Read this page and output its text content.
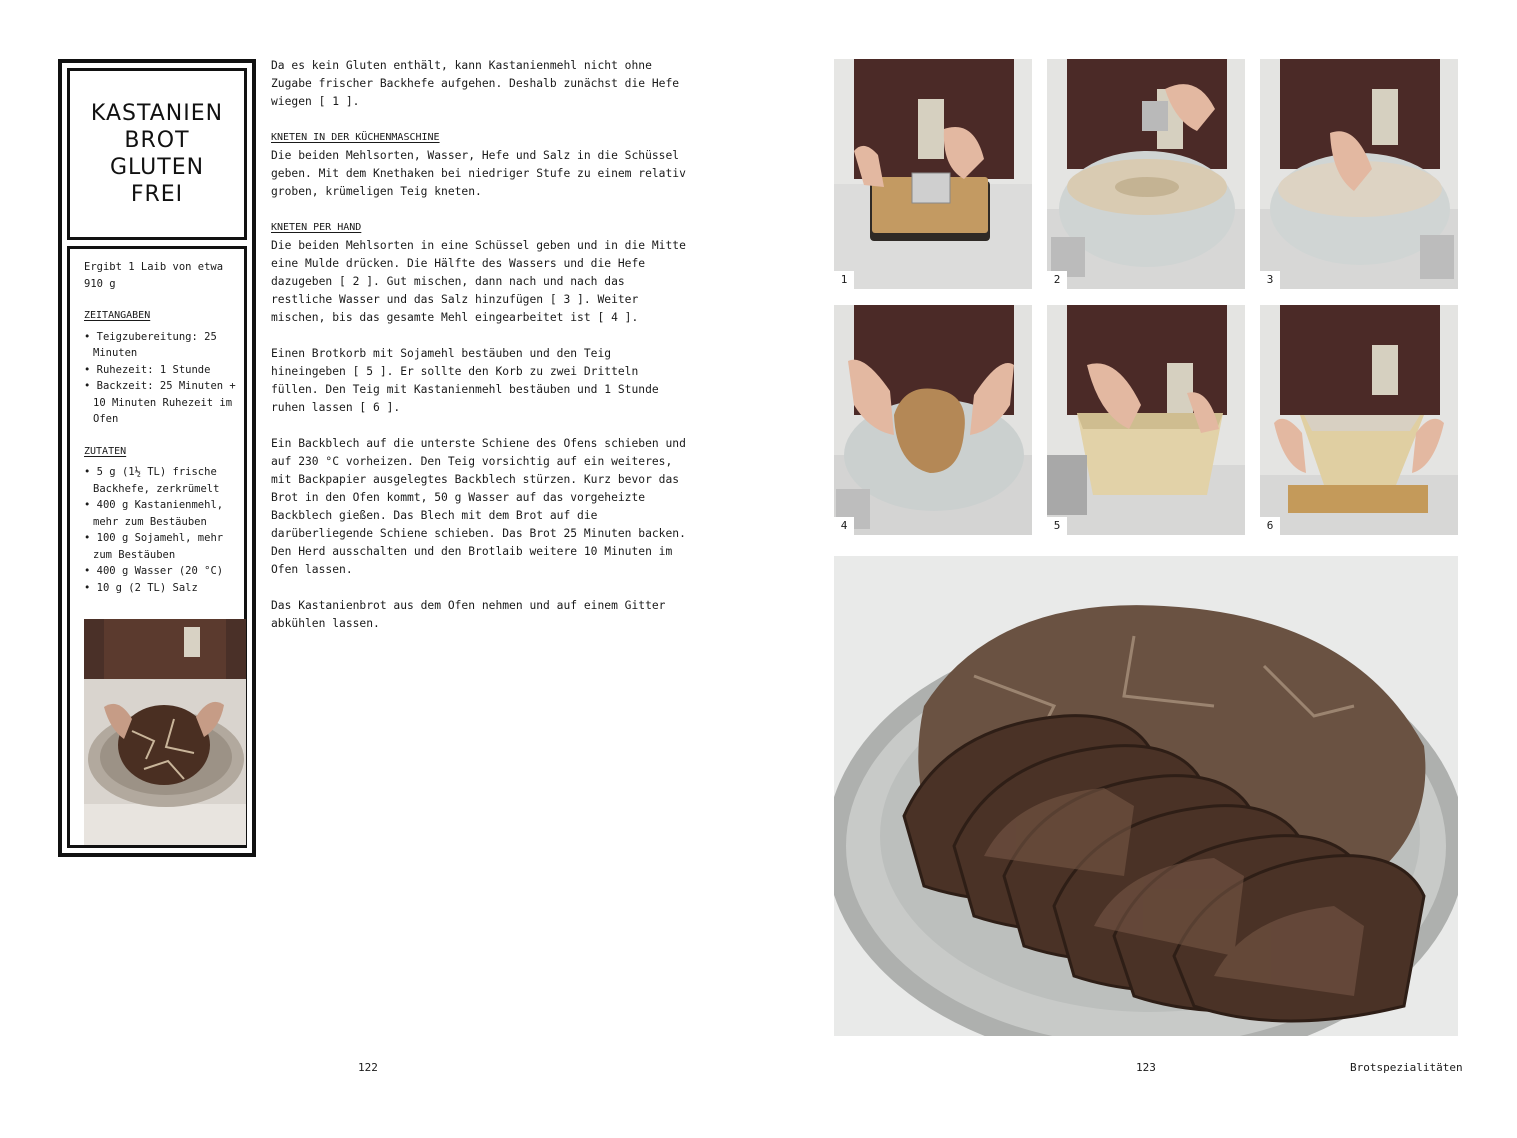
KASTANIEN
BROT
GLUTEN
FREI

Ergibt 1 Laib von etwa 910 g

ZEITANGABEN

• Teigzubereitung: 25 Minuten
• Ruhezeit: 1 Stunde
• Backzeit: 25 Minuten + 10 Minuten Ruhezeit im Ofen

ZUTATEN

• 5 g (1½ TL) frische Backhefe, zerkrümelt
• 400 g Kastanienmehl, mehr zum Bestäuben
• 100 g Sojamehl, mehr zum Bestäuben
• 400 g Wasser (20 °C)
• 10 g (2 TL) Salz

Da es kein Gluten enthält, kann Kastanienmehl nicht ohne Zugabe frischer Backhefe aufgehen. Deshalb zunächst die Hefe wiegen [ 1 ].

KNETEN IN DER KÜCHENMASCHINE

Die beiden Mehlsorten, Wasser, Hefe und Salz in die Schüssel geben. Mit dem Knethaken bei niedriger Stufe zu einem relativ groben, krümeligen Teig kneten.

KNETEN PER HAND

Die beiden Mehlsorten in eine Schüssel geben und in die Mitte eine Mulde drücken. Die Hälfte des Wassers und die Hefe dazugeben [ 2 ]. Gut mischen, dann nach und nach das restliche Wasser und das Salz hinzufügen [ 3 ]. Weiter mischen, bis das gesamte Mehl eingearbeitet ist [ 4 ].

Einen Brotkorb mit Sojamehl bestäuben und den Teig hineingeben [ 5 ]. Er sollte den Korb zu zwei Dritteln füllen. Den Teig mit Kastanienmehl bestäuben und 1 Stunde ruhen lassen [ 6 ].

Ein Backblech auf die unterste Schiene des Ofens schieben und auf 230 °C vorheizen. Den Teig vorsichtig auf ein weiteres, mit Backpapier ausgelegtes Backblech stürzen. Kurz bevor das Brot in den Ofen kommt, 50 g Wasser auf das vorgeheizte Backblech gießen. Das Blech mit dem Brot auf die darüberliegende Schiene schieben. Das Brot 25 Minuten backen. Den Herd ausschalten und den Brotlaib weitere 10 Minuten im Ofen lassen.

Das Kastanienbrot aus dem Ofen nehmen und auf einem Gitter abkühlen lassen.

122
1	2	3
4	5	6
123	Brotspezialitäten
